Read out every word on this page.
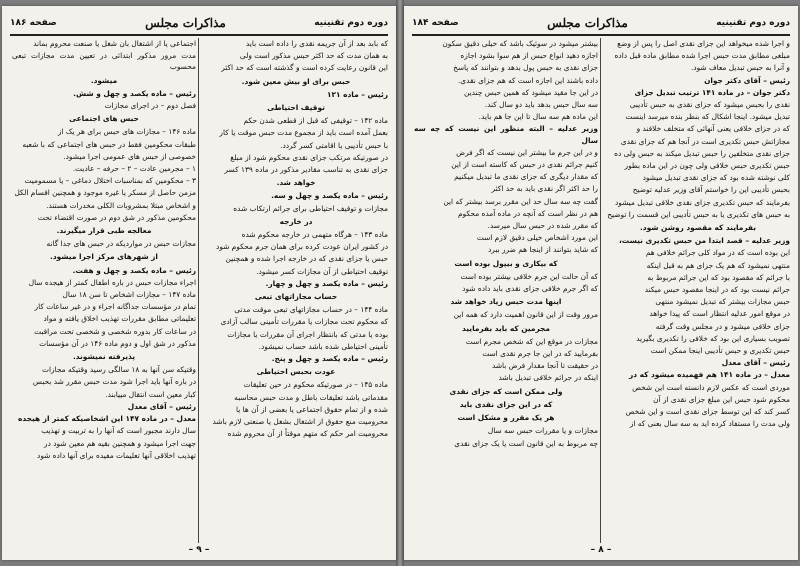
دوره دوم تقنینیه
مذاکرات مجلس
صفحه ۱۸۶

که بابد بعد از آن جریمه نقدی را داده است باید

به همان مدت که حد اکثر حبس مذکور است ولی

این قانون رعایت کرده است و گذشته است که حد اکثر

حبس برای او بیش معین شود.

رئیس – ماده ۱۲۱

توقیف احتیاطی

ماده ۱۴۲ – توقیفی که قبل از قطعی شدن حکم

بعمل آمده است باید از مجموع مدت حبس موقت یا کار

با حبس تأدیبی یا اقامتی کسر گردد.

در صورتیکه مرتکب جزای نقدی محکوم شود از مبلغ

جزای نقدی به تناسب مقادیر مذکور در ماده ۱۳۹ کسر

خواهد شد.

رئیس – ماده یکصد و چهل و سه.

مجازات و توقیف احتیاطی برای جرائم ارتکاب شده

در خارجه

ماده ۱۴۳ – هرگاه متهمی در خارجه محکوم شده

در کشور ایران عودت کرده برای همان جرم محکوم شود

حبس یا جزای نقدی که در خارجه اجرا شده و همچنین

توقیف احتیاطی از آن مجازات کسر میشود.

رئیس – ماده یکصد و چهل و چهار.

حساب مجازاتهای تبعی

ماده ۱۴۴ – در حساب مجازاتهای تبعی موقت مدتی

که محکوم تحت مجازات یا مقررات تأمینی سالب آزادی

بوده یا مدتی که بانتظار اجرای آن مقررات یا مجازات

تأمینی احتیاطی شده باشد حساب نمیشود.

رئیس – ماده یکصد و چهل و پنج.

عودت بحبس احتیاطی

ماده ۱۴۵ – در صورتیکه محکوم در حین تعلیقات

مقدماتی باشد تعلیقات باطل و مدت حبس محاسبه

شده و از تمام حقوق اجتماعی یا بعضی از آن ها یا

محرومیت منع حقوق از اشتغال بشغل یا صنعتی لازم باشد

محرومیت امر حکم که متهم موقتاً از آن محروم شده

اجتماعی یا از اشتغال بان شغل یا صنعت محروم بماند

مدت مرور مذکور ابتدائی در تعیین مدت مجازات تبعی محسوب

میشود.

رئیس – ماده یکصد و چهل و شش.

فصل دوم – در اجرای مجازات

حبس های اجتماعی

ماده ۱۴۶ – مجازات های حبس برای هر یک از

طبقات محکومین فقط در حبس های اجتماعی که با شعبه

خصوصی از حبس های عمومی اجرا میشود.

۱ – مجرمین عادت – ۲ – حرفه – عادیت.

۳ – محکومین که بمناسبات اختلال دماغی – یا مسمومیت

مزمن حاصل از مسکر یا غیره موجود و همچنین اقسام الکل

و اشخاص مبتلا بمشروبات الکلی مخدرات هستند.

محکومین مذکور در شق دوم در صورت اقتضاء تحت

معالجه طبی قرار میگیرند.

مجازات حبس در مواردیکه در حبس های جدا گانه

از شهرهای مرکز اجرا میشود.

رئیس – ماده یکصد و چهل و هفت.

اجراء مجازات حبس در باره اطفال کمتر از هیجده سال

ماده ۱۴۷ – مجازات اشخاص تا سن ۱۸ سال

تمام در مؤسسات جداگانه اجراء و در غیر ساعات کار

تعلیماتی مطابق مقررات تهذیب اخلاق یافته و مواد

در ساعات کار بدوره شخصی و شخصی تحت مراقبت

مذکور در شق اول و دوم ماده ۱۴۶ در آن مؤسسات

پذیرفته نمیشوند.

وقتیکه سن آنها به ۱۸ سالگی رسید وقتیکه مجازات

در باره آنها باید اجرا شود مدت حبس مقرر شد بحبس

کبار معین است انتقال مییابند.

رئیس – آقای معدل

معدل – در ماده ۱۴۷ این اشخاصیکه کمتر از هیجده

سال دارند مجبور است که آنها را به تربیت و تهذیب

جهت اجرا میشود و همچنین بقیه هم معین شود در

تهذیب اخلاقی آنها تعلیمات مفیده برای آنها داده شود

– ۹ –
دوره دوم تقنینیه
مذاکرات مجلس
صفحه ۱۸۴

و اجرا شده میخواهد این جزای نقدی اصل را پس از وضع

مبلغی مطابق مدت حبس اجرا شده مطابق ماده قبل داده

و آنرا به حبس تبدیل معاف شود.

رئیس – آقای دکتر جوان

دکتر جوان – در ماده ۱۴۱ ترتیب تبدیل جزای

نقدی را بحبس میشود که جزای نقدی به حبس تأدیبی

تبدیل میشود. اینجا اشکال که بنظر بنده میرسد اینست

که در جزای خلافی یعنی آنهائی که متخلف خلافند و

مجازاتش حبس تکدیری است در آنجا هم که جزای نقدی

جزای نقدی متخلفین را حبس تبدیل میکند به حبس ولی ده

حبس تکدیری حبس خلافی ولی چون در این ماده بطور

کلی نوشته شده بود که جزای نقدی تبدیل میشود

بحبس تأدیبی این را خواستم آقای وزیر عدلیه توضیح

بفرمایند که حبس تکدیری جزای نقدی خلافی تبدیل میشود

به حبس های تکدیری یا به حبس تأدیبی این قسمت را توضیح

بفرمایند که مقصود روشن شود.

وزیر عدلیه – قصد ابتدا من حبس تکدیری نیست،

این بوده است که در مواد کلی جرائم خلافی هم

منتهی نمیشود که هم یک جزای هم به قبل اینکه

با جرائم که مقصود بود که این جرائم مربوط به

جرائم نیست بود که در اینجا مقصود حبس میکند

حبس مجازات بیشتر که تبدیل نمیشود منتهی

در موقع امور عدلیه انتظار است که پیدا خواهد

جزای خلافی میشود و در مجلس وقت گرفته

تصویب بسیاری این بود که خلافی را تکدیری بگیرید

حبس تکدیری و حبس تأدیبی اینجا ممکن است

رئیس – آقای معدل

معدل – در ماده ۱۴۱ هم فهمیده میشود که در

موردی است که عکس لازم دانسته است این شخص

محکوم شود حبس این مبلغ جزای نقدی از آن

کسر کند که این توسط جزای نقدی است و این شخص

ولی مدت را مستفاد کرده اید به سه سال بعنی که از

بیشتر میشود در سوئیک باشد که خیلی دقیق سکون

اجازه دهید انواع حبس از هم سوا بشود اجازه

جزای نقدی به حبس پول بدهد و بتوانند که پاسخ

داده باشند این اجازه است که هم جزای نقدی.

در این جا مقید میشود که همین حبس چندین

سه سال حبس بدهد باید دو سال کند.

این ماده هم سه سال تا این جا هم باید.

وزیر عدلیه – البته منظور این نیست که چه سه سال

و در این جرم ما بیشتر این نیست که اگر فرض

کنیم جرائم نقدی در حبس که کاسته است از این

که مقدار دیگری که جزای نقدی ما تبدیل میکنیم

را حد اکثر اگر نقدی باید به حد اکثر

گفت چه سه سال حد این مقرر برسد بیشتر که این

هم در نظر است که آنچه در ماده آمده محکوم

که مقرر شده در حبس سال میرسد.

این مورد اشخاص خیلی دقیق لازم است

که شاید بتوانند از اینجا هم ضرر ببرد

که بیکاری و بیپول بوده است

که آن حالت این جرم خلافی بیشتر بوده است

که اگر جرم خلافی جزای نقدی باید داده شود

اینها مدت حبس زیاد خواهد شد

مرور وقت از این قانون اهمیت دارد که همه این

مجرمین که باید بفرمایید

مجازات در موقع این که شخص مجرم است

بفرمایید که در این جا جرم نقدی است

در حقیقت تا آنجا مقدار فرض باشد

اینکه در جرائم خلافی تبدیل باشد

ولی ممکن است که جزای نقدی

که در این جزای نقدی باید

هر یک مقرر و مشکل است

مجازات و یا مقررات حبس سه سال

چه مربوط به این قانون است یا یک جزای نقدی

– ۸ –
